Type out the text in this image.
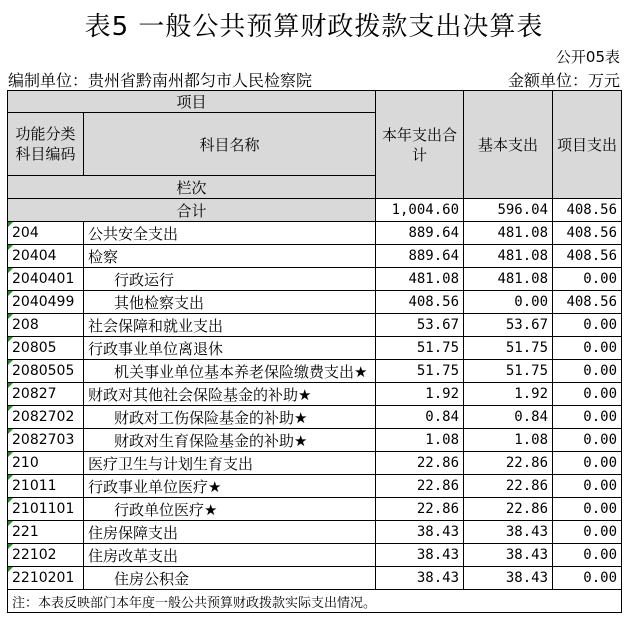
表5 一般公共预算财政拨款支出决算表
公开05表
编制单位：贵州省黔南州都匀市人民检察院	金额单位：万元
项目		本年支出合计	基本支出	项目支出	
功能分类科目编码	科目名称				
栏次			
合计		1,004.60	596.04	408.56	
204	公共安全支出	889.64	481.08	408.56	
20404	检察	889.64	481.08	408.56	
2040401	行政运行	481.08	481.08	0.00	
2040499	其他检察支出	408.56	0.00	408.56	
208	社会保障和就业支出	53.67	53.67	0.00	
20805	行政事业单位离退休	51.75	51.75	0.00	
2080505	机关事业单位基本养老保险缴费支出★	51.75	51.75	0.00	
20827	财政对其他社会保险基金的补助★	1.92	1.92	0.00	
2082702	财政对工伤保险基金的补助★	0.84	0.84	0.00	
2082703	财政对生育保险基金的补助★	1.08	1.08	0.00	
210	医疗卫生与计划生育支出	22.86	22.86	0.00	
21011	行政事业单位医疗★	22.86	22.86	0.00	
2101101	行政单位医疗★	22.86	22.86	0.00	
221	住房保障支出	38.43	38.43	0.00	
22102	住房改革支出	38.43	38.43	0.00	
2210201	住房公积金	38.43	38.43	0.00	
注：本表反映部门本年度一般公共预算财政拨款实际支出情况。					
